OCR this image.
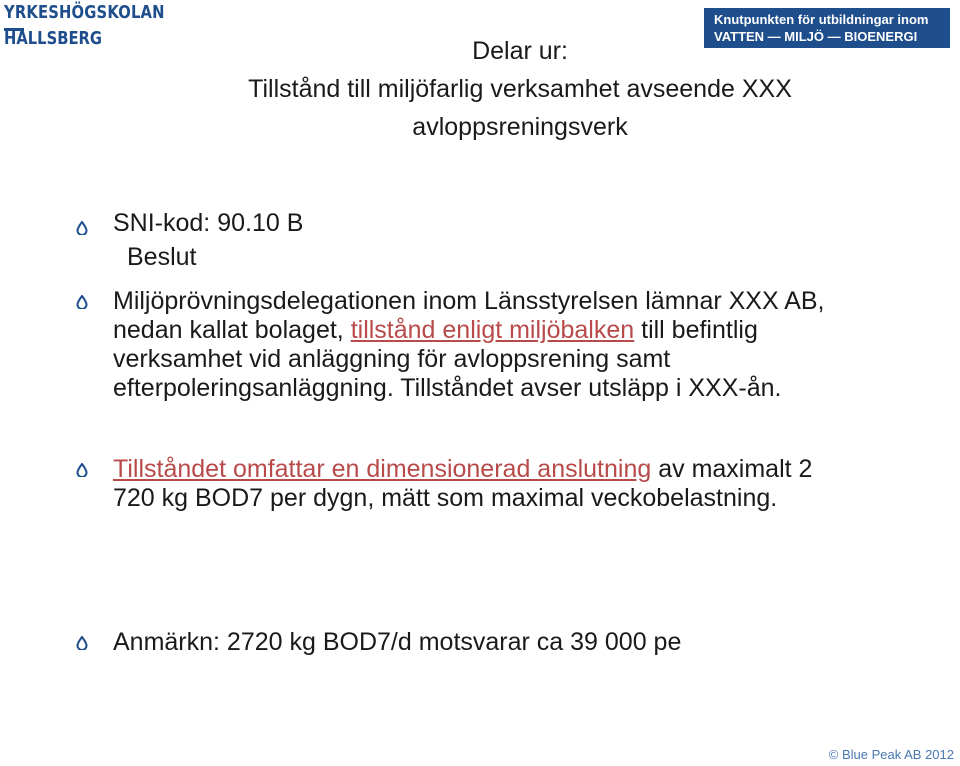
YRKESHÖGSKOLAN
HALLSBERG
Knutpunkten för utbildningar inom
VATTEN — MILJÖ — BIOENERGI
Delar ur:
Tillstånd till miljöfarlig verksamhet avseende XXX
avloppsreningsverk
SNI-kod: 90.10 B
Beslut
Miljöprövningsdelegationen inom Länsstyrelsen lämnar XXX AB, nedan kallat bolaget, tillstånd enligt miljöbalken till befintlig verksamhet vid anläggning för avloppsrening samt efterpoleringsanläggning. Tillståndet avser utsläpp i XXX-ån.
Tillståndet omfattar en dimensionerad anslutning av maximalt 2 720 kg BOD7 per dygn, mätt som maximal veckobelastning.
Anmärkn: 2720 kg BOD7/d motsvarar ca 39 000 pe
© Blue Peak AB 2012
